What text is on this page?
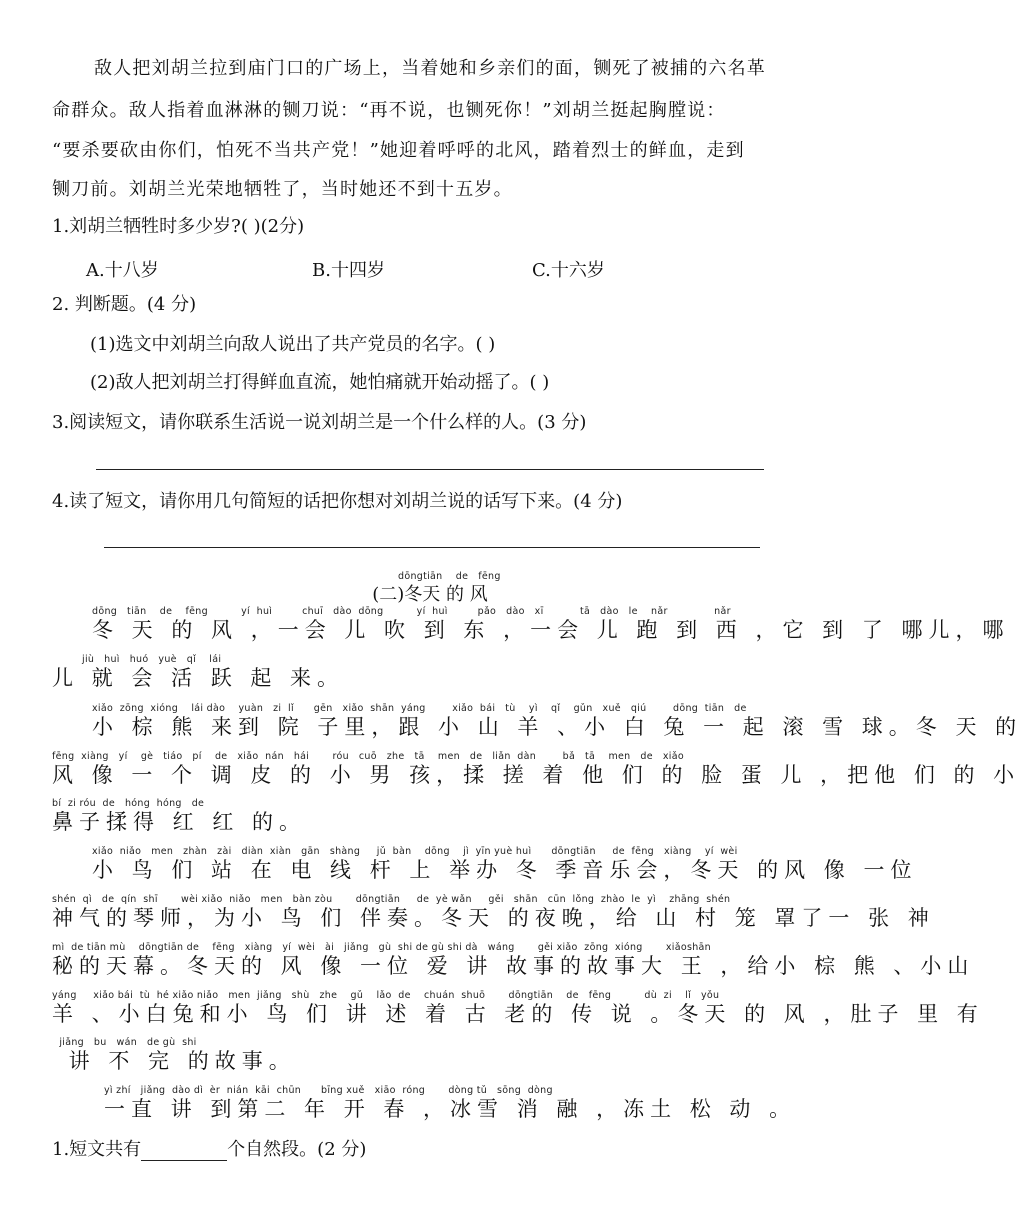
敌人把刘胡兰拉到庙门口的广场上，当着她和乡亲们的面，铡死了被捕的六名革
命群众。敌人指着血淋淋的铡刀说：“再不说，也铡死你！”刘胡兰挺起胸膛说：
“要杀要砍由你们，怕死不当共产党！”她迎着呼呼的北风，踏着烈士的鲜血，走到
铡刀前。刘胡兰光荣地牺牲了，当时她还不到十五岁。
1.刘胡兰牺牲时多少岁?( )(2分)
A.十八岁	B.十四岁	C.十六岁
2. 判断题。(4 分)
(1)选文中刘胡兰向敌人说出了共产党员的名字。( )
(2)敌人把刘胡兰打得鲜血直流，她怕痛就开始动摇了。( )
3.阅读短文，请你联系生活说一说刘胡兰是一个什么样的人。(3 分)
4.读了短文，请你用几句简短的话把你想对刘胡兰说的话写下来。(4 分)
dōngtiān    de   fēng
(二)冬天 的 风
dōng   tiān    de    fēng          yí  huì         chuī   dào  dōng          yí  huì         pǎo   dào   xī           tā   dào   le    nǎr              nǎr
冬 天 的 风 ，一会 儿 吹 到 东 ，一会 儿 跑 到 西 ，它 到 了 哪儿，哪
jiù   huì   huó   yuè   qǐ    lái
儿 就 会 活 跃 起 来。
xiǎo  zōng  xióng    lái dào    yuàn   zi  lǐ      gēn   xiǎo  shān  yáng        xiǎo  bái   tù    yì    qǐ    gǔn   xuě   qiú        dōng  tiān   de
小 棕 熊 来到 院 子里，跟 小 山 羊 、小 白 兔 一 起 滚 雪 球。冬 天 的
fēng  xiàng   yí    gè   tiáo   pí    de   xiǎo  nán   hái       róu   cuō   zhe   tā    men   de   liǎn  dàn        bǎ   tā    men   de   xiǎo
风 像 一 个 调 皮 的 小 男 孩，揉 搓 着 他 们 的 脸 蛋 儿 ，把他 们 的 小
bí  zi róu  de   hóng  hóng   de
鼻子揉得 红 红 的。
xiǎo  niǎo   men   zhàn   zài   diàn  xiàn   gān   shàng     jǔ  bàn    dōng    jì  yīn yuè huì      dōngtiān     de  fēng   xiàng    yí  wèi
小 鸟 们 站 在 电 线 杆 上 举办 冬 季音乐会，冬天 的风 像 一位
shén  qì   de  qín  shī       wèi xiǎo  niǎo   men   bàn zòu       dōngtiān     de  yè wǎn     gěi   shān   cūn  lǒng  zhào  le  yì    zhāng  shén
神气的琴师，为小 鸟 们 伴奏。冬天 的夜晚，给 山 村 笼 罩了一 张 神
mì  de tiān mù    dōngtiān de    fēng   xiàng   yí  wèi   ài   jiǎng   gù  shi de gù shi dà   wáng       gěi xiǎo  zōng  xióng       xiǎoshān
秘的天幕。冬天的 风 像 一位 爱 讲 故事的故事大 王 ，给小 棕 熊 、小山
yáng     xiǎo bái  tù  hé xiǎo niǎo   men  jiǎng   shù   zhe    gǔ    lǎo  de    chuán  shuō       dōngtiān    de   fēng          dù  zi    lǐ   yǒu
羊 、小白兔和小 鸟 们 讲 述 着 古 老的 传 说 。冬天 的 风 ，肚子 里 有
jiǎng   bu   wán   de gù  shi
讲 不 完 的故事。
yì zhí   jiǎng  dào dì  èr  nián  kāi  chūn      bīng xuě   xiāo  róng       dòng tǔ   sōng  dòng
一直 讲 到第二 年 开 春 ，冰雪 消 融 ，冻土 松 动 。
1.短文共有	个自然段。(2 分)
